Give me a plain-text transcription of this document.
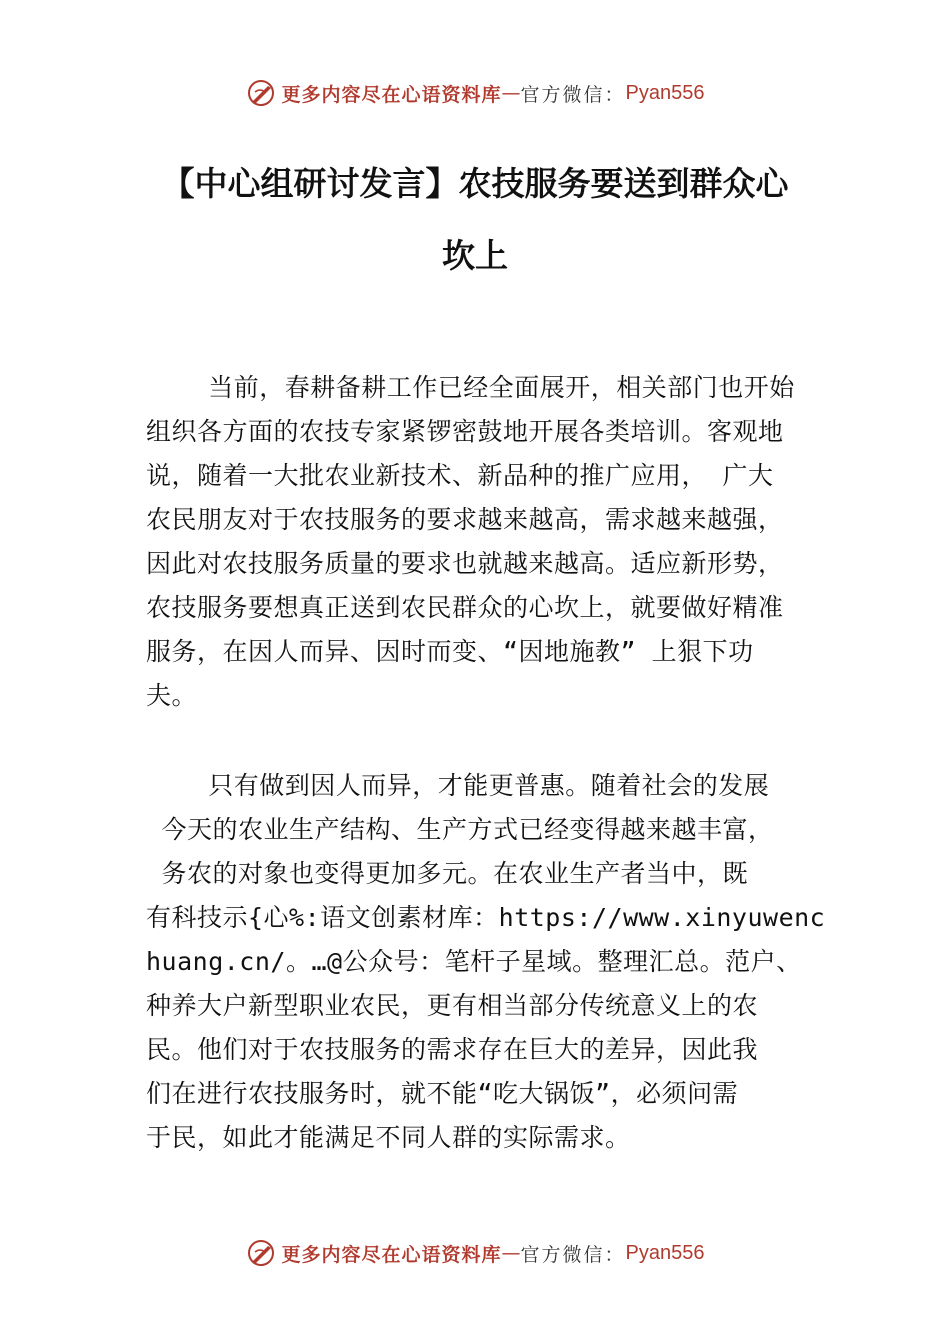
更多内容尽在心语资料库 — 官方微信： Pyan556
【中心组研讨发言】农技服务要送到群众心
坎上
当前，春耕备耕工作已经全面展开，相关部门也开始
组织各方面的农技专家紧锣密鼓地开展各类培训。客观地
说，随着一大批农业新技术、新品种的推广应用， 广大
农民朋友对于农技服务的要求越来越高，需求越来越强，
因此对农技服务质量的要求也就越来越高。适应新形势，
农技服务要想真正送到农民群众的心坎上，就要做好精准
服务，在因人而异、因时而变、“因地施教” 上狠下功
夫。
只有做到因人而异，才能更普惠。随着社会的发展
今天的农业生产结构、生产方式已经变得越来越丰富，
务农的对象也变得更加多元。在农业生产者当中，既
有科技示{心%:语文创素材库：https://www.xinyuwenc
huang.cn/。…@公众号：笔杆子星域。整理汇总。范户、
种养大户新型职业农民，更有相当部分传统意义上的农
民。他们对于农技服务的需求存在巨大的差异，因此我
们在进行农技服务时，就不能“吃大锅饭”，必须问需
于民，如此才能满足不同人群的实际需求。
更多内容尽在心语资料库 — 官方微信： Pyan556
